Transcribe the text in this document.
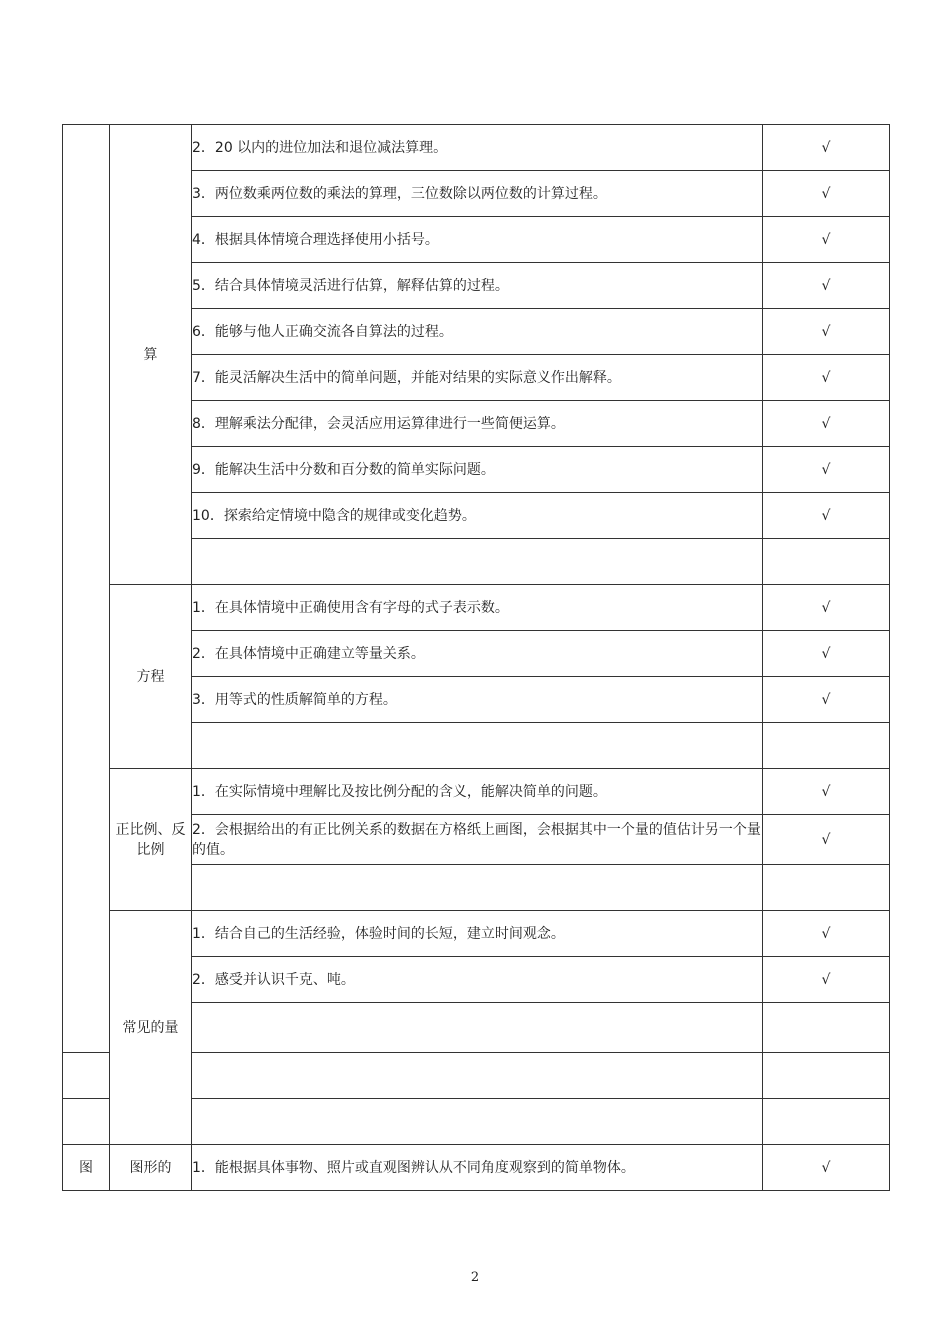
	算	2．20 以内的进位加法和退位减法算理。	√
		3．两位数乘两位数的乘法的算理，三位数除以两位数的计算过程。	√
		4．根据具体情境合理选择使用小括号。	√
		5．结合具体情境灵活进行估算，解释估算的过程。	√
		6．能够与他人正确交流各自算法的过程。	√
		7．能灵活解决生活中的简单问题，并能对结果的实际意义作出解释。	√
		8．理解乘法分配律，会灵活应用运算律进行一些简便运算。	√
		9．能解决生活中分数和百分数的简单实际问题。	√
		10．探索给定情境中隐含的规律或变化趋势。	√

	方程	1．在具体情境中正确使用含有字母的式子表示数。	√
		2．在具体情境中正确建立等量关系。	√
		3．用等式的性质解简单的方程。	√

	正比例、反比例	1．在实际情境中理解比及按比例分配的含义，能解决简单的问题。	√
		2．会根据给出的有正比例关系的数据在方格纸上画图，会根据其中一个量的值估计另一个量的值。	√

	常见的量	1．结合自己的生活经验，体验时间的长短，建立时间观念。	√
		2．感受并认识千克、吨。	√

图	图形的	1．能根据具体事物、照片或直观图辨认从不同角度观察到的简单物体。	√
2
